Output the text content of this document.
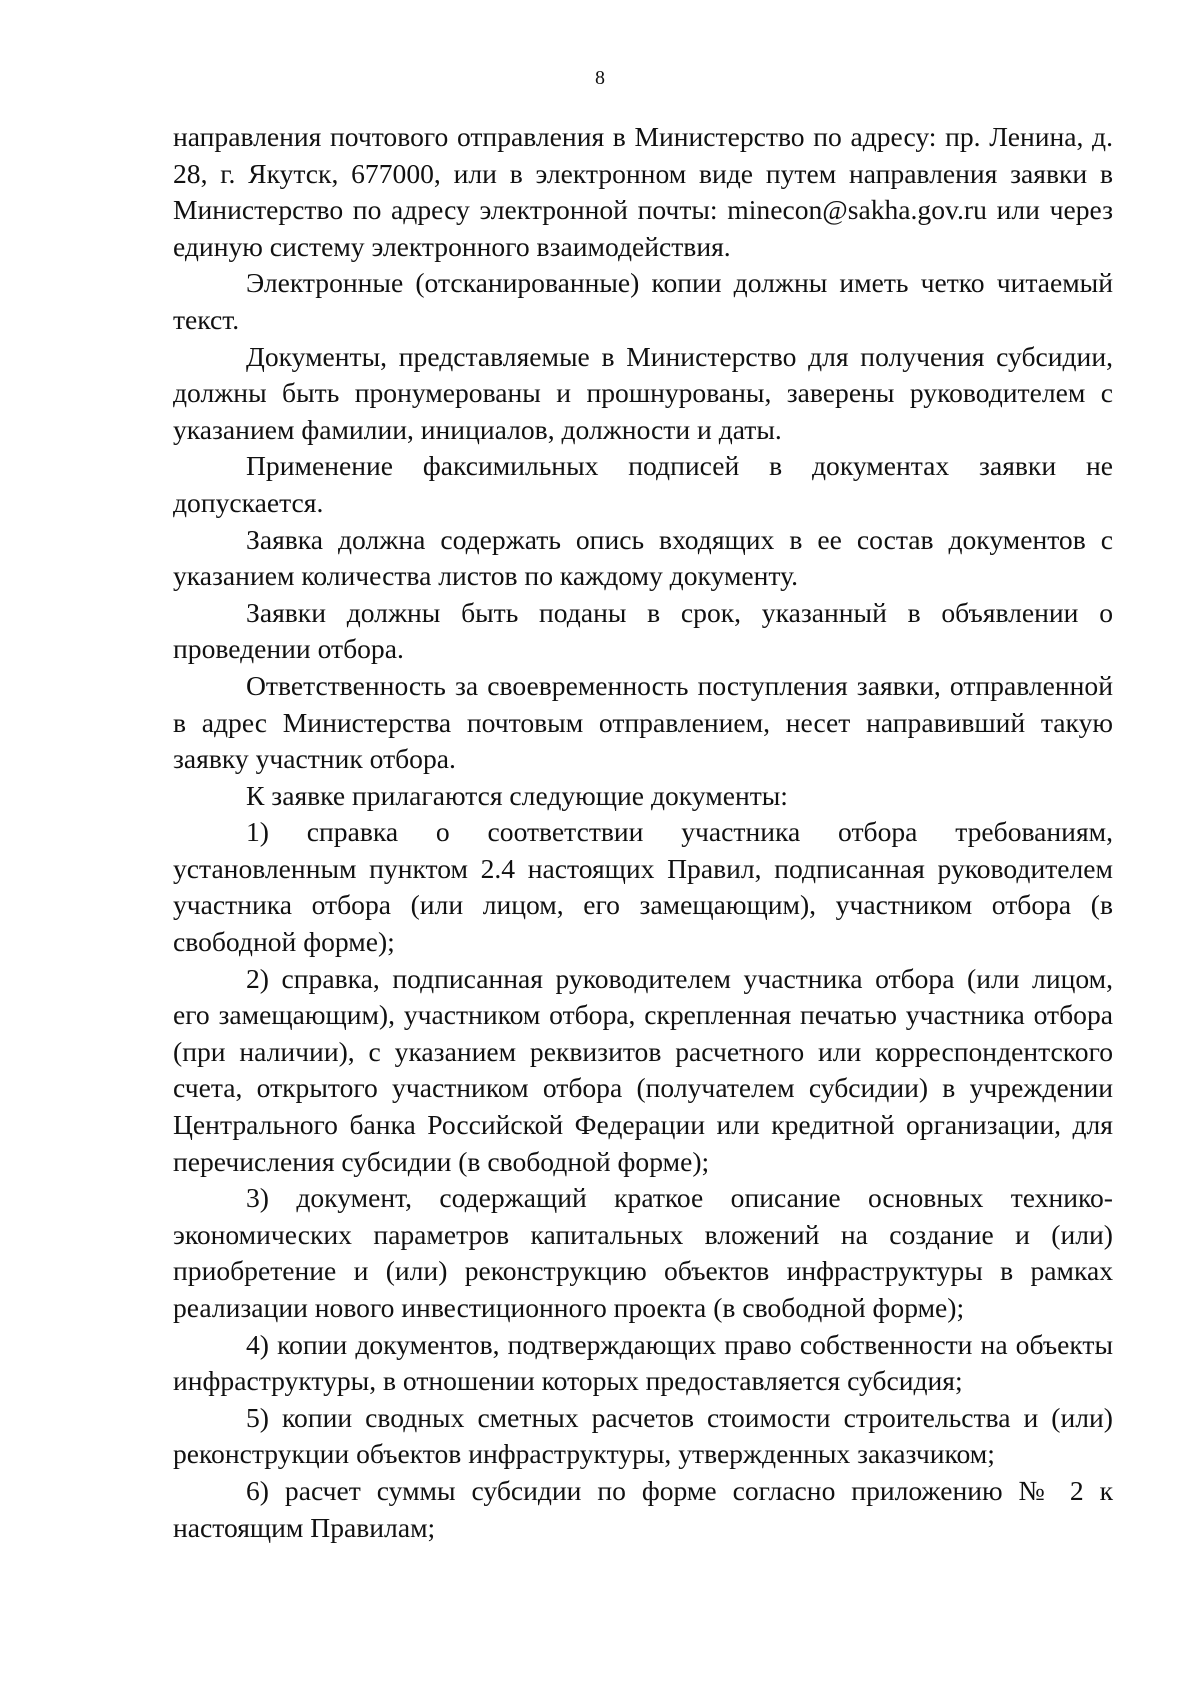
8

направления почтового отправления в Министерство по адресу: пр. Ленина, д. 28, г. Якутск, 677000, или в электронном виде путем направления заявки в Министерство по адресу электронной почты: minecon@sakha.gov.ru или через единую систему электронного взаимодействия.

Электронные (отсканированные) копии должны иметь четко читаемый текст.

Документы, представляемые в Министерство для получения субсидии, должны быть пронумерованы и прошнурованы, заверены руководителем с указанием фамилии, инициалов, должности и даты.

Применение факсимильных подписей в документах заявки не допускается.

Заявка должна содержать опись входящих в ее состав документов с указанием количества листов по каждому документу.

Заявки должны быть поданы в срок, указанный в объявлении о проведении отбора.

Ответственность за своевременность поступления заявки, отправленной в адрес Министерства почтовым отправлением, несет направивший такую заявку участник отбора.

К заявке прилагаются следующие документы:

1) справка о соответствии участника отбора требованиям, установленным пунктом 2.4 настоящих Правил, подписанная руководителем участника отбора (или лицом, его замещающим), участником отбора (в свободной форме);

2) справка, подписанная руководителем участника отбора (или лицом, его замещающим), участником отбора, скрепленная печатью участника отбора (при наличии), с указанием реквизитов расчетного или корреспондентского счета, открытого участником отбора (получателем субсидии) в учреждении Центрального банка Российской Федерации или кредитной организации, для перечисления субсидии (в свободной форме);

3) документ, содержащий краткое описание основных технико-экономических параметров капитальных вложений на создание и (или) приобретение и (или) реконструкцию объектов инфраструктуры в рамках реализации нового инвестиционного проекта (в свободной форме);

4) копии документов, подтверждающих право собственности на объекты инфраструктуры, в отношении которых предоставляется субсидия;

5) копии сводных сметных расчетов стоимости строительства и (или) реконструкции объектов инфраструктуры, утвержденных заказчиком;

6) расчет суммы субсидии по форме согласно приложению № 2 к настоящим Правилам;
